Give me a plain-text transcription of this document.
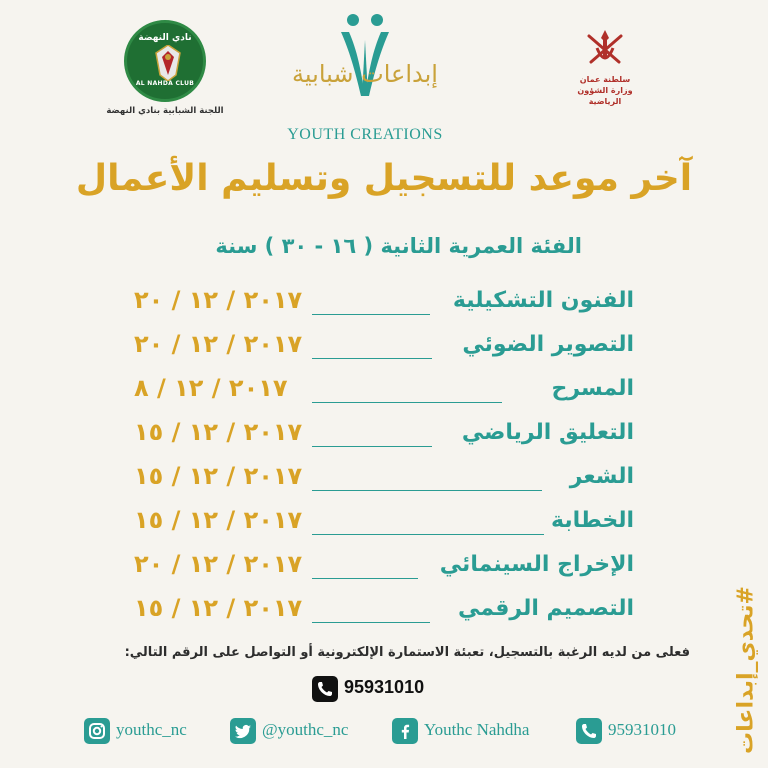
نادي النهضة
AL NAHDA CLUB
اللجنة الشبابية بنادي النهضة
إبداعات شبابية
YOUTH CREATIONS
سلطنة عمان
وزارة الشؤون الرياضية
آخر موعد للتسجيل وتسليم الأعمال
الفئة العمرية الثانية ( ١٦ - ٣٠ ) سنة
الفنون التشكيلية
٢٠١٧ / ١٢ / ٢٠
التصوير الضوئي
٢٠١٧ / ١٢ / ٢٠
المسرح
٢٠١٧ / ١٢ / ٨
التعليق الرياضي
٢٠١٧ / ١٢ / ١٥
الشعر
٢٠١٧ / ١٢ / ١٥
الخطابة
٢٠١٧ / ١٢ / ١٥
الإخراج السينمائي
٢٠١٧ / ١٢ / ٢٠
التصميم الرقمي
٢٠١٧ / ١٢ / ١٥
فعلى من لديه الرغبة بالتسجيل، تعبئة الاستمارة الإلكترونية أو التواصل على الرقم التالي:
95931010
youthc_nc	@youthc_nc	Youthc Nahdha	95931010	#تحدي_إبداعات
